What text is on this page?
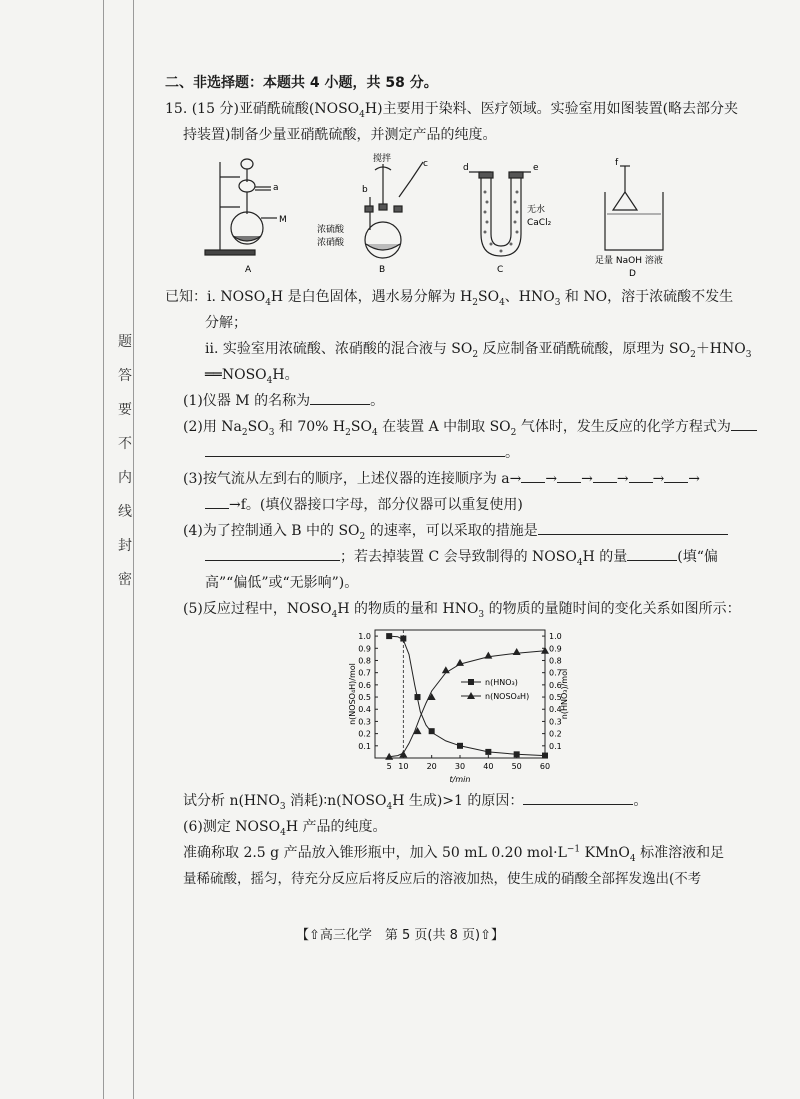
题
答
要
不
内
线
封
密
二、非选择题：本题共 4 小题，共 58 分。
15. (15 分)亚硝酰硫酸$(NOSO_4H)$主要用于染料、医疗领域。实验室用如图装置(略去部分夹
持装置)制备少量亚硝酰硫酸，并测定产品的纯度。
a
M
A
搅拌
b
c
浓硫酸
浓硝酸
B
d	e
无水
CaCl₂
C
f
足量 NaOH 溶液
D
已知：ⅰ. $NOSO_4H$ 是白色固体，遇水易分解为 $H_2SO_4$、$HNO_3$ 和 NO，溶于浓硫酸不发生
分解；
ⅱ. 实验室用浓硫酸、浓硝酸的混合液与 $SO_2$ 反应制备亚硝酰硫酸，原理为 $SO_2+HNO_3$
$══NOSO_4H$。
(1)仪器 M 的名称为	。
(2)用 $Na_2SO_3$ 和 70% $H_2SO_4$ 在装置 A 中制取 $SO_2$ 气体时，发生反应的化学方程式为
。
(3)按气流从左到右的顺序，上述仪器的连接顺序为 a→ → → → → →
→f。(填仪器接口字母，部分仪器可以重复使用)
(4)为了控制通入 B 中的 $SO_2$ 的速率，可以采取的措施是
；若去掉装置 C 会导致制得的 $NOSO_4H$ 的量	(填“偏
高”“偏低”或“无影响”)。
(5)反应过程中，$NOSO_4H$ 的物质的量和 $HNO_3$ 的物质的量随时间的变化关系如图所示：
5 10 20 30 40 50 60
0.1	0.1
0.2	0.2
0.3	0.3
0.4	0.4
0.5	0.5
0.6	0.6
0.7	0.7
0.8	0.8
0.9	0.9
1.0	1.0
n(NOSO₄H)/mol	n(HNO₃)/mol
t/min
n(HNO₃)
n(NOSO₄H)
试分析 $n(HNO_3$ 消耗)$∶n(NOSO_4H$ 生成)>1 的原因：	。
(6)测定 $NOSO_4H$ 产品的纯度。
准确称取 2.5 g 产品放入锥形瓶中，加入 50 mL 0.20 $mol\cdot L^{-1}$ KMnO$_4$ 标准溶液和足
量稀硫酸，摇匀，待充分反应后将反应后的溶液加热，使生成的硝酸全部挥发逸出(不考
【⇧高三化学　第 5 页(共 8 页)⇧】
